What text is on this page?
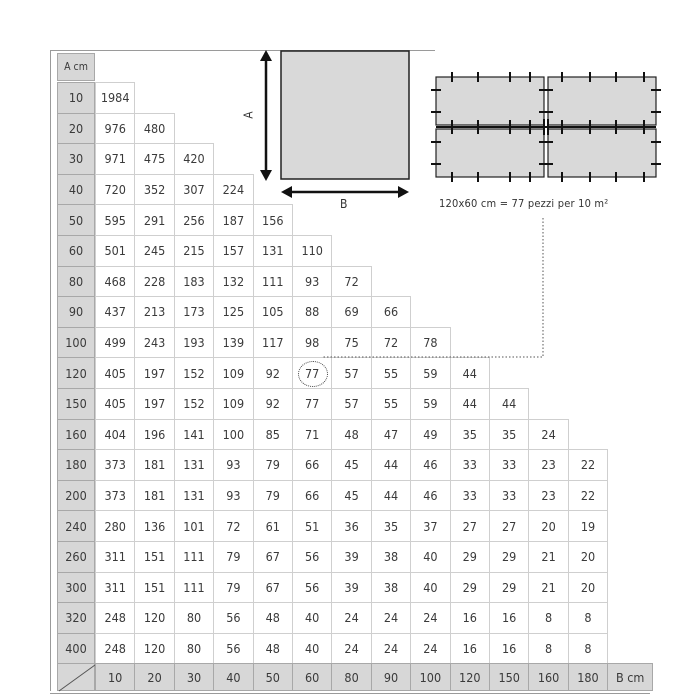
A cm
10	1984
20	976	480
30	971	475	420
40	720	352	307	224
50	595	291	256	187	156
60	501	245	215	157	131	110
80	468	228	183	132	111	93	72
90	437	213	173	125	105	88	69	66
100	499	243	193	139	117	98	75	72	78
120	405	197	152	109	92	77	57	55	59	44
150	405	197	152	109	92	77	57	55	59	44	44
160	404	196	141	100	85	71	48	47	49	35	35	24
180	373	181	131	93	79	66	45	44	46	33	33	23	22
200	373	181	131	93	79	66	45	44	46	33	33	23	22
240	280	136	101	72	61	51	36	35	37	27	27	20	19
260	311	151	111	79	67	56	39	38	40	29	29	21	20
300	311	151	111	79	67	56	39	38	40	29	29	21	20
320	248	120	80	56	48	40	24	24	24	16	16	8	8
400	248	120	80	56	48	40	24	24	24	16	16	8	8
10	20	30	40	50	60	80	90	100	120	150	160	180	B cm
A
B	120x60 cm = 77 pezzi per 10 m²
